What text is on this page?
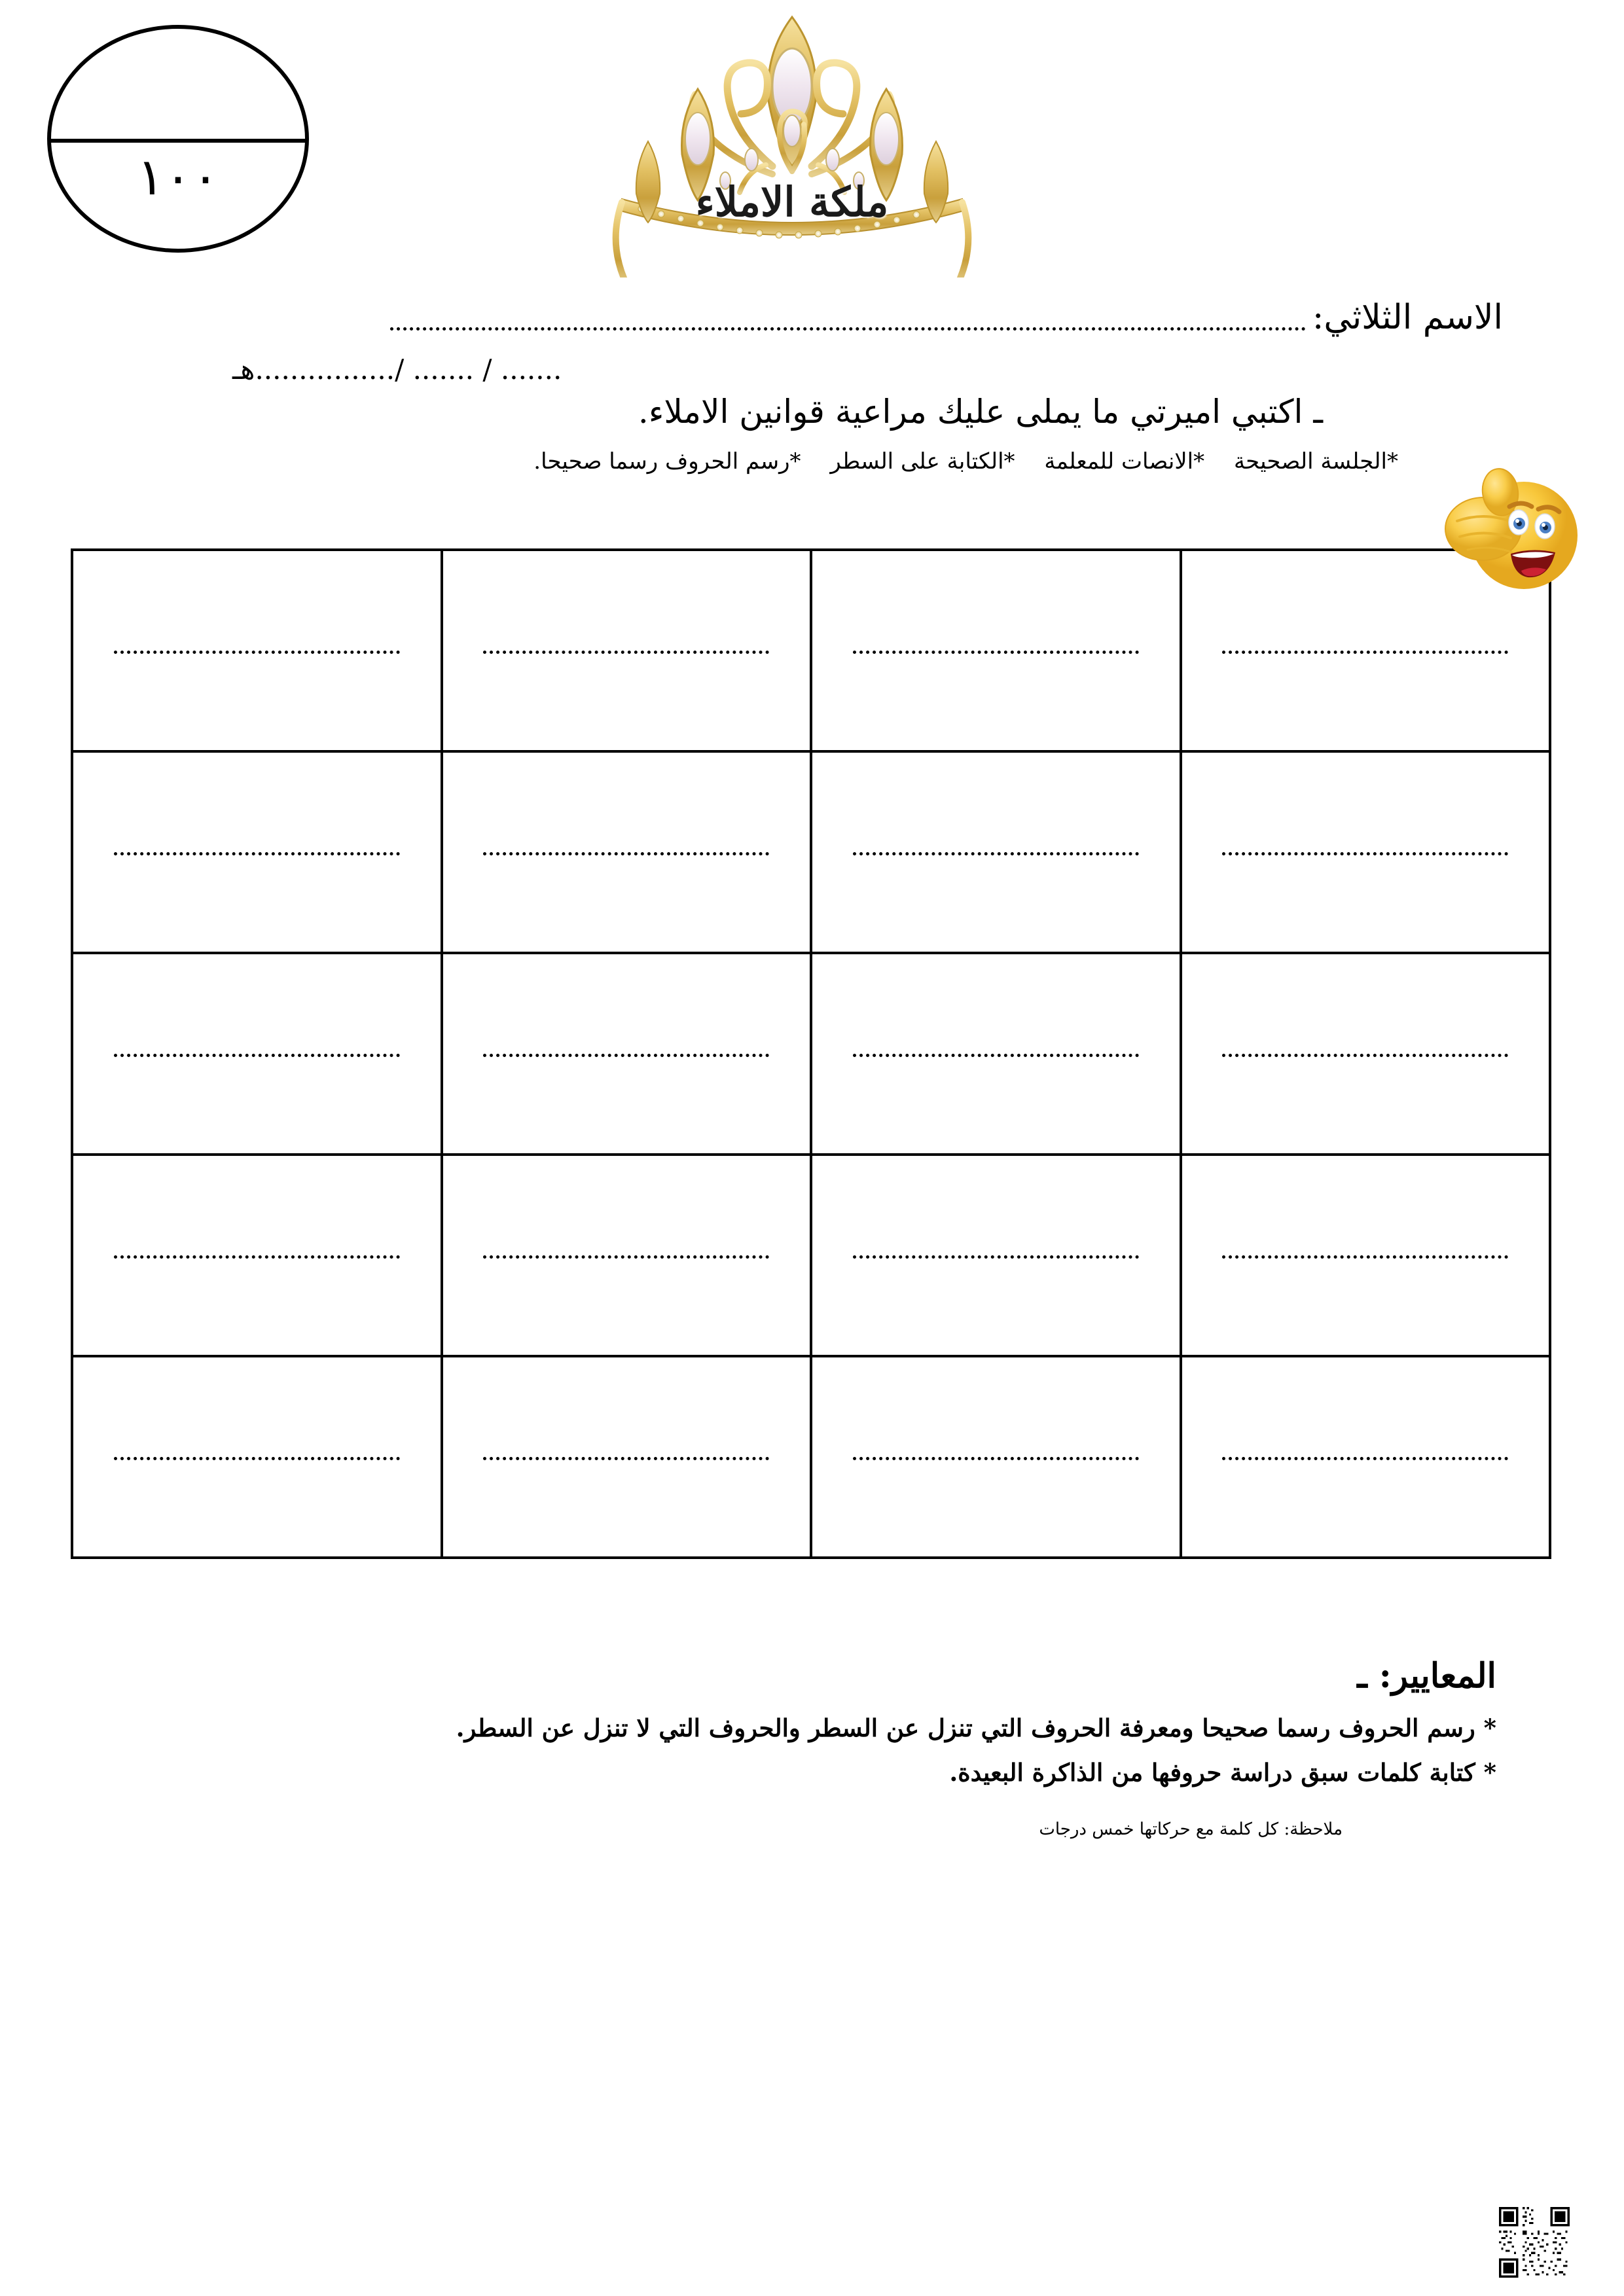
١٠٠	ملكة الاملاء
الاسم الثلاثي:
....... / ....... /................هـ
ـ اكتبي اميرتي ما يملى عليك مراعية قوانين الاملاء.
*الجلسة الصحيحة *الانصات للمعلمة *الكتابة على السطر *رسم الحروف رسما صحيحا.

المعايير: ـ
* رسم الحروف رسما صحيحا ومعرفة الحروف التي تنزل عن السطر والحروف التي لا تنزل عن السطر.
* كتابة كلمات سبق دراسة حروفها من الذاكرة البعيدة.
ملاحظة: كل كلمة مع حركاتها خمس درجات
